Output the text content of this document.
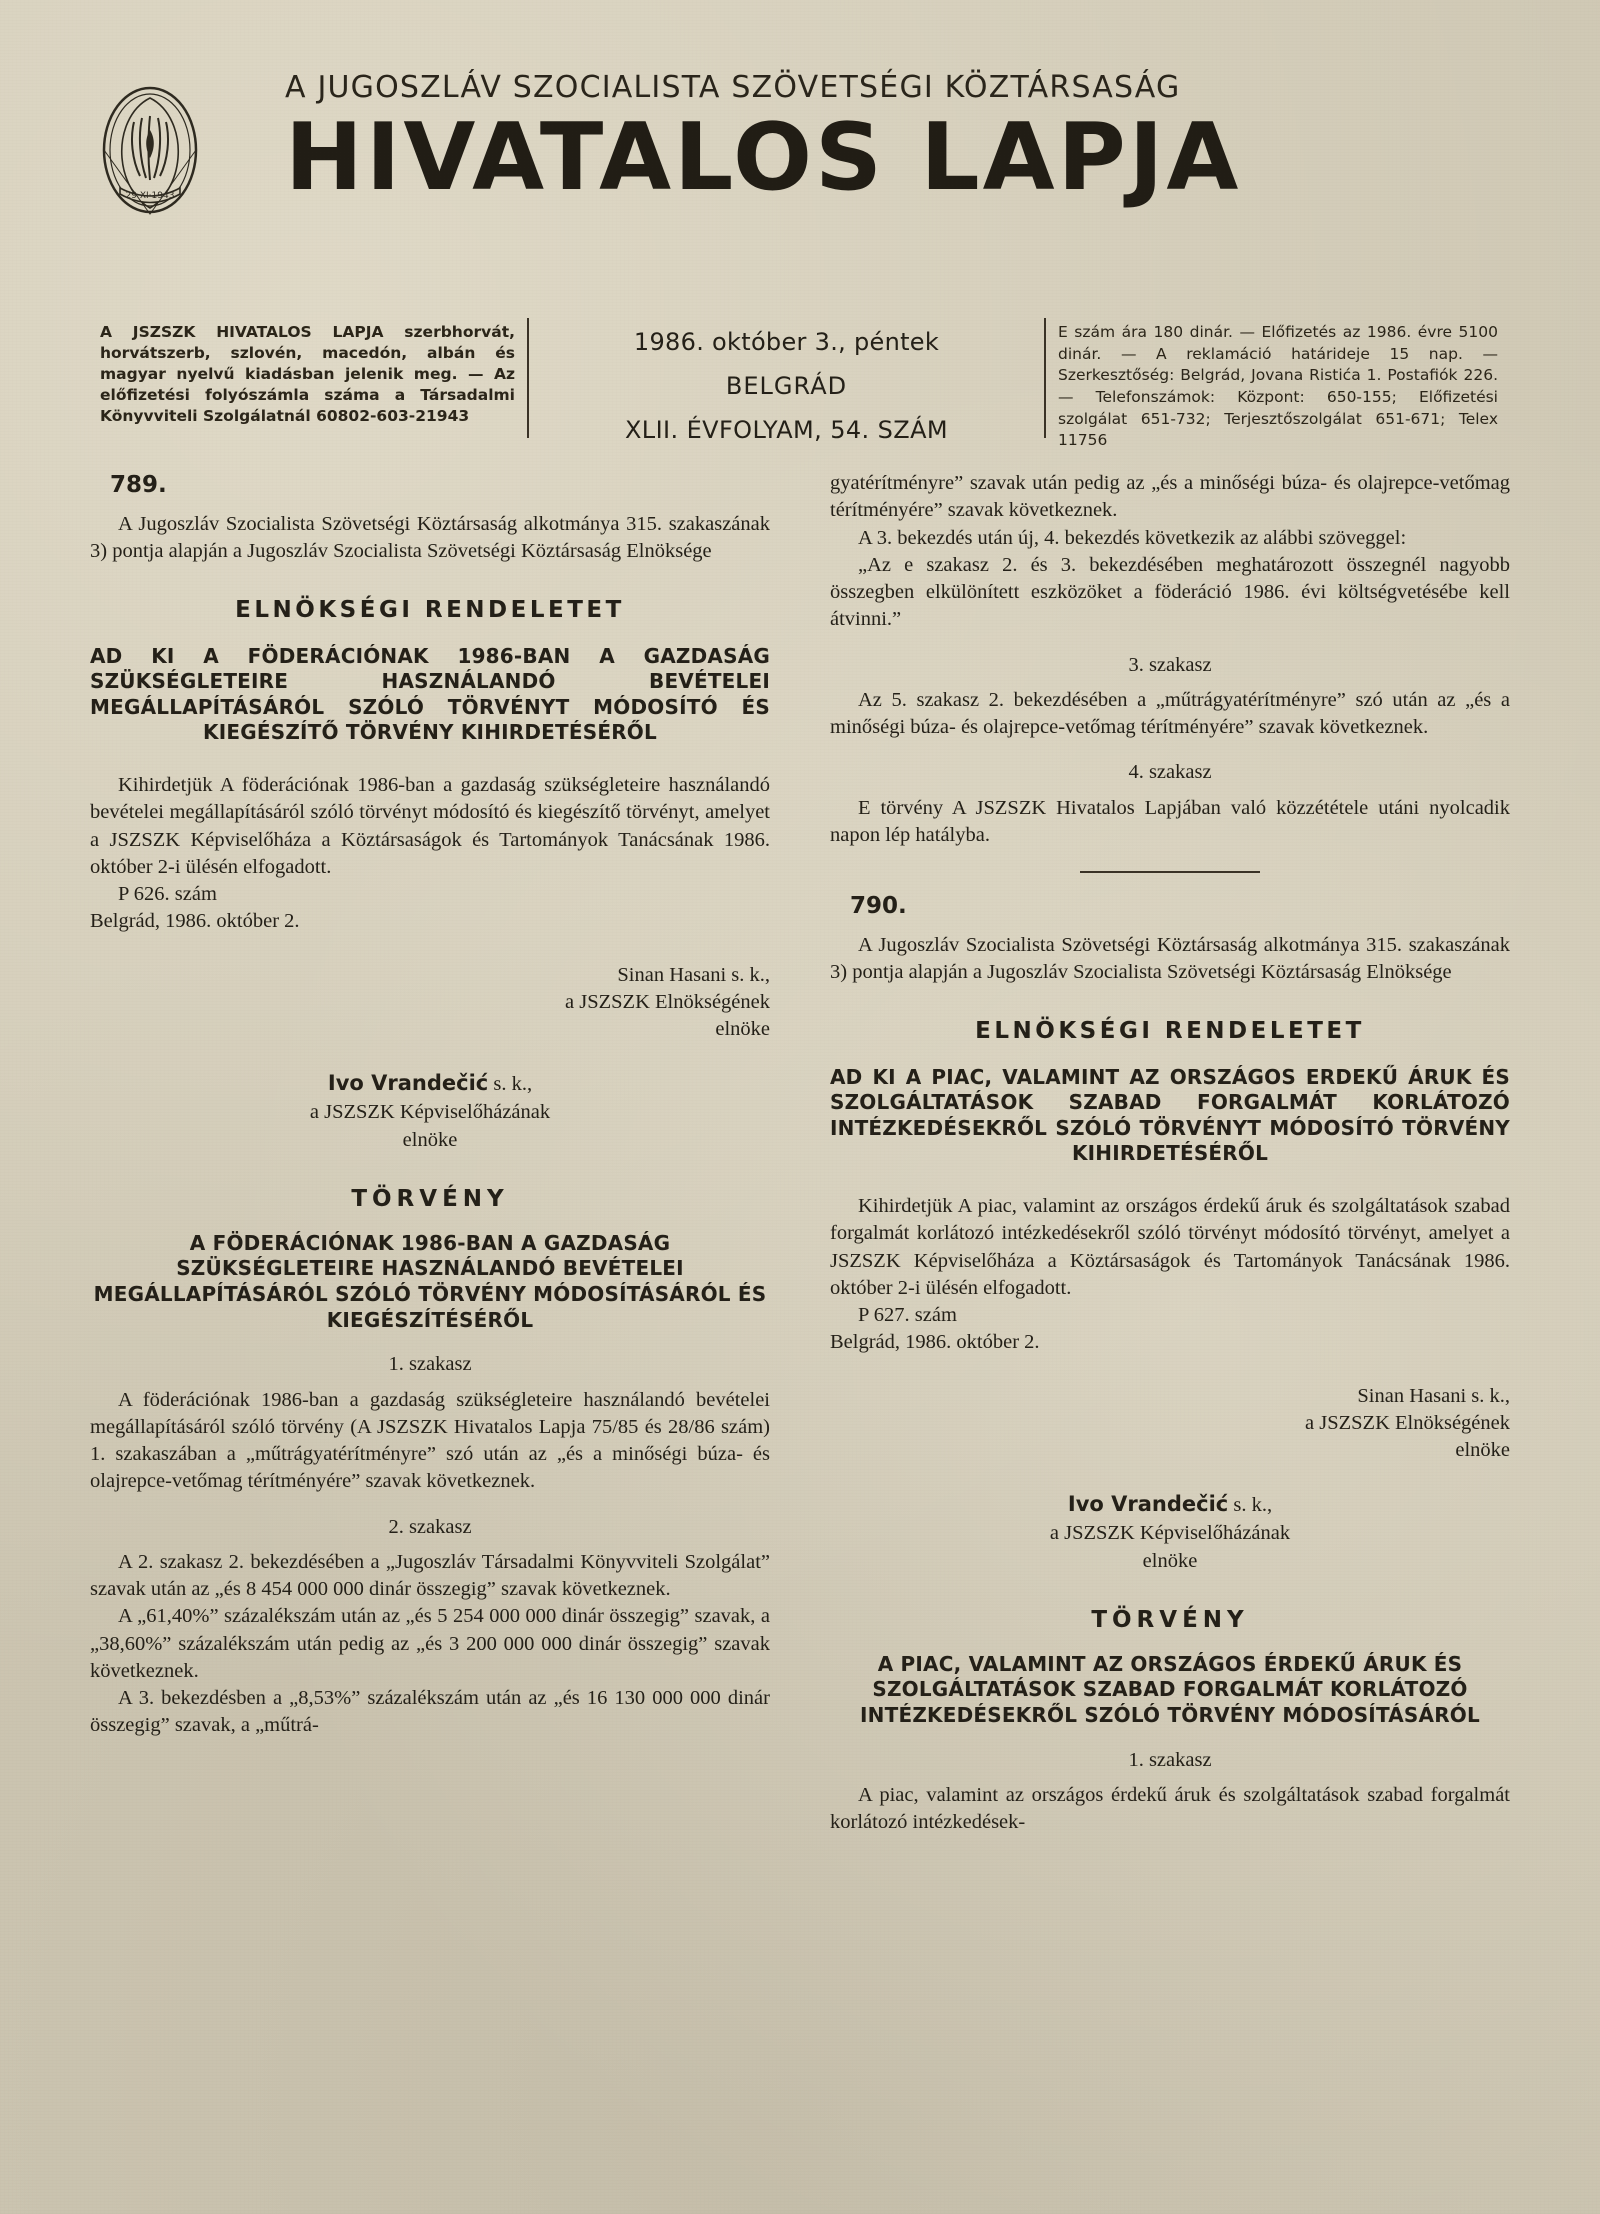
29·XI·1943
A JUGOSZLÁV SZOCIALISTA SZÖVETSÉGI KÖZTÁRSASÁG
HIVATALOS LAPJA
A JSZSZK HIVATALOS LAPJA szerbhorvát, horvátszerb, szlovén, macedón, albán és magyar nyelvű kiadásban jelenik meg. — Az előfizetési folyószámla száma a Társadalmi Könyvviteli Szolgálatnál 60802-603-21943
1986. október 3., péntek
BELGRÁD
XLII. ÉVFOLYAM, 54. SZÁM
E szám ára 180 dinár. — Előfizetés az 1986. évre 5100 dinár. — A reklamáció határideje 15 nap. — Szerkesztőség: Belgrád, Jovana Ristića 1. Postafiók 226. — Telefonszámok: Központ: 650-155; Előfizetési szolgálat 651-732; Terjesztőszolgálat 651-671; Telex 11756
789.

A Jugoszláv Szocialista Szövetségi Köztársaság alkotmánya 315. szakaszának 3) pontja alapján a Jugoszláv Szocialista Szövetségi Köztársaság Elnöksége

ELNÖKSÉGI RENDELETET
AD KI A FÖDERÁCIÓNAK 1986-BAN A GAZDASÁG SZÜKSÉGLETEIRE HASZNÁLANDÓ BEVÉTELEI MEGÁLLAPÍTÁSÁRÓL SZÓLÓ TÖRVÉNYT MÓDOSÍTÓ ÉS KIEGÉSZÍTŐ TÖRVÉNY KIHIRDETÉSÉRŐL

Kihirdetjük A föderációnak 1986-ban a gazdaság szükségleteire használandó bevételei megállapításáról szóló törvényt módosító és kiegészítő törvényt, amelyet a JSZSZK Képviselőháza a Köztársaságok és Tartományok Tanácsának 1986. október 2-i ülésén elfogadott.

P 626. szám

Belgrád, 1986. október 2.

Sinan Hasani s. k.,
a JSZSZK Elnökségének
elnöke
Ivo Vrandečić s. k.,
a JSZSZK Képviselőházának
elnöke
TÖRVÉNY
A FÖDERÁCIÓNAK 1986-BAN A GAZDASÁG SZÜKSÉGLETEIRE HASZNÁLANDÓ BEVÉTELEI MEGÁLLAPÍTÁSÁRÓL SZÓLÓ TÖRVÉNY MÓDOSÍTÁSÁRÓL ÉS KIEGÉSZÍTÉSÉRŐL
1. szakasz

A föderációnak 1986-ban a gazdaság szükségleteire használandó bevételei megállapításáról szóló törvény (A JSZSZK Hivatalos Lapja 75/85 és 28/86 szám) 1. szakaszában a „műtrágyatérítményre” szó után az „és a minőségi búza- és olajrepce-vetőmag térítményére” szavak következnek.

2. szakasz

A 2. szakasz 2. bekezdésében a „Jugoszláv Társadalmi Könyvviteli Szolgálat” szavak után az „és 8 454 000 000 dinár összegig” szavak következnek.

A „61,40%” százalékszám után az „és 5 254 000 000 dinár összegig” szavak, a „38,60%” százalékszám után pedig az „és 3 200 000 000 dinár összegig” szavak következnek.

A 3. bekezdésben a „8,53%” százalékszám után az „és 16 130 000 000 dinár összegig” szavak, a „műtrá-

gyatérítményre” szavak után pedig az „és a minőségi búza- és olajrepce-vetőmag térítményére” szavak következnek.

A 3. bekezdés után új, 4. bekezdés következik az alábbi szöveggel:

„Az e szakasz 2. és 3. bekezdésében meghatározott összegnél nagyobb összegben elkülönített eszközöket a föderáció 1986. évi költségvetésébe kell átvinni.”

3. szakasz

Az 5. szakasz 2. bekezdésében a „műtrágyatérítményre” szó után az „és a minőségi búza- és olajrepce-vetőmag térítményére” szavak következnek.

4. szakasz

E törvény A JSZSZK Hivatalos Lapjában való közzététele utáni nyolcadik napon lép hatályba.

790.

A Jugoszláv Szocialista Szövetségi Köztársaság alkotmánya 315. szakaszának 3) pontja alapján a Jugoszláv Szocialista Szövetségi Köztársaság Elnöksége

ELNÖKSÉGI RENDELETET
AD KI A PIAC, VALAMINT AZ ORSZÁGOS ERDEKŰ ÁRUK ÉS SZOLGÁLTATÁSOK SZABAD FORGALMÁT KORLÁTOZÓ INTÉZKEDÉSEKRŐL SZÓLÓ TÖRVÉNYT MÓDOSÍTÓ TÖRVÉNY KIHIRDETÉSÉRŐL

Kihirdetjük A piac, valamint az országos érdekű áruk és szolgáltatások szabad forgalmát korlátozó intézkedésekről szóló törvényt módosító törvényt, amelyet a JSZSZK Képviselőháza a Köztársaságok és Tartományok Tanácsának 1986. október 2-i ülésén elfogadott.

P 627. szám

Belgrád, 1986. október 2.

Sinan Hasani s. k.,
a JSZSZK Elnökségének
elnöke
Ivo Vrandečić s. k.,
a JSZSZK Képviselőházának
elnöke
TÖRVÉNY
A PIAC, VALAMINT AZ ORSZÁGOS ÉRDEKŰ ÁRUK ÉS SZOLGÁLTATÁSOK SZABAD FORGALMÁT KORLÁTOZÓ INTÉZKEDÉSEKRŐL SZÓLÓ TÖRVÉNY MÓDOSÍTÁSÁRÓL
1. szakasz

A piac, valamint az országos érdekű áruk és szolgáltatások szabad forgalmát korlátozó intézkedések-
